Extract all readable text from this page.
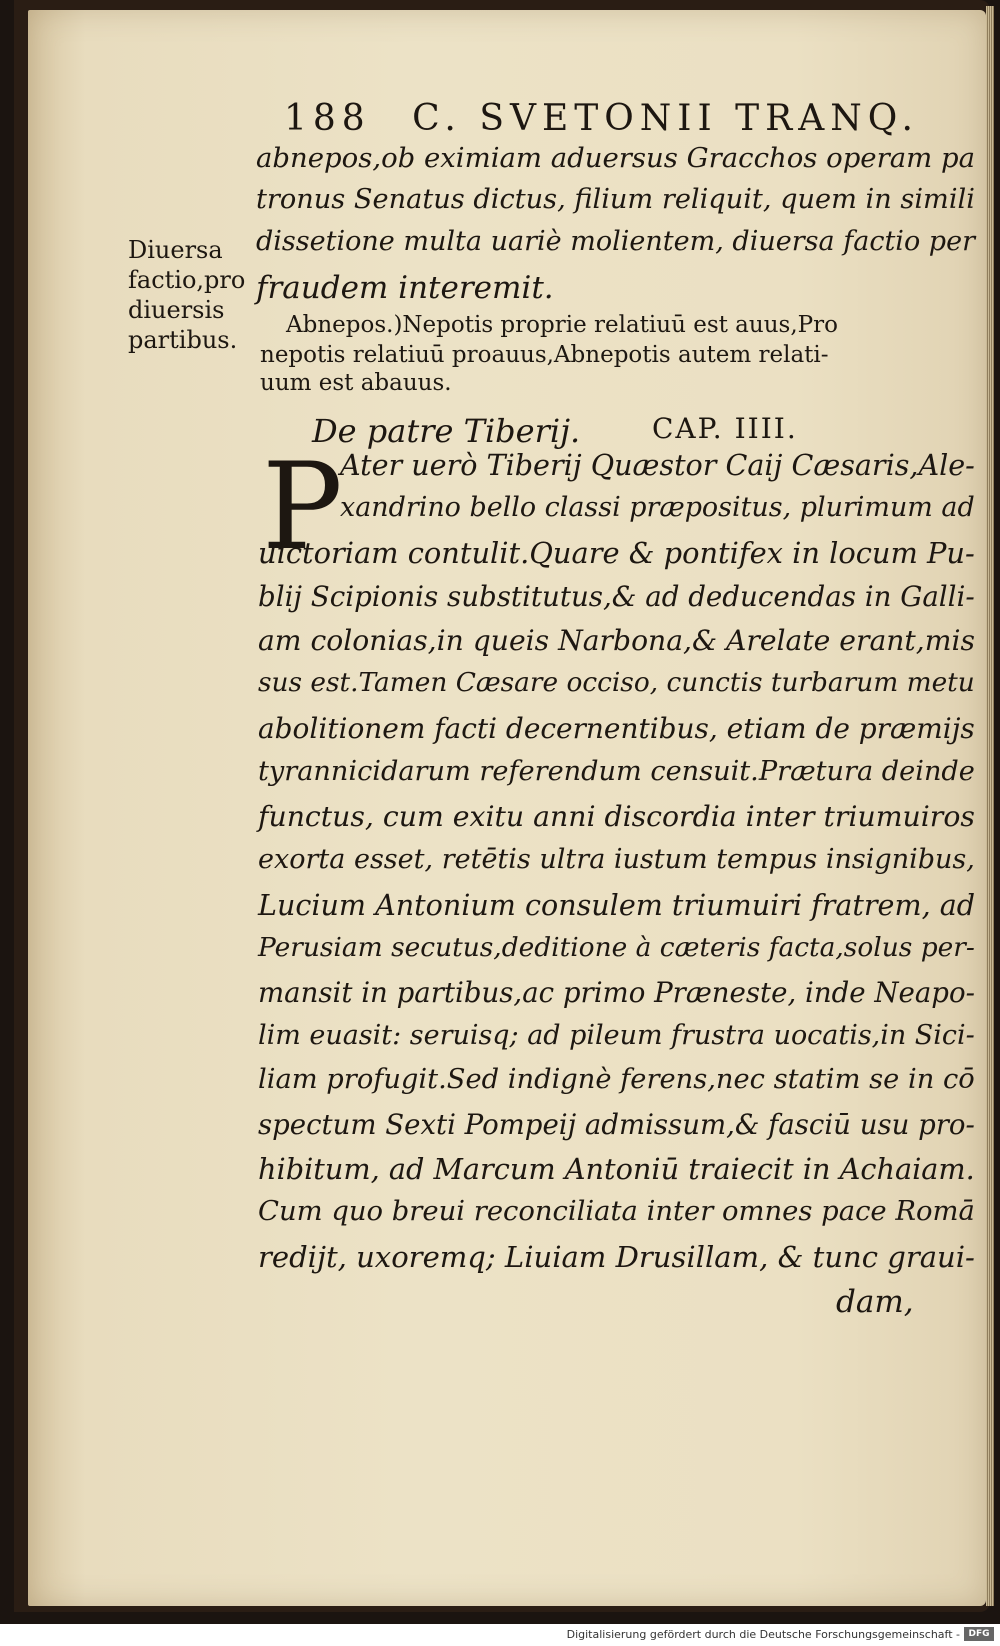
188 C. SVETONII TRANQ.
abnepos,ob eximiam aduersus Gracchos operam pa
tronus Senatus dictus, filium reliquit, quem in simili
dissetione multa uariè molientem, diuersa factio per
fraudem interemit.
Diuersa
factio,pro
diuersis
partibus.
Abnepos.)Nepotis proprie relatiuū est auus,Pro
nepotis relatiuū proauus,Abnepotis autem relati-
uum est abauus.
De patre Tiberij.	CAP. IIII.
P
Ater uerò Tiberij Quæstor Caij Cæsaris,Ale-
xandrino bello classi præpositus, plurimum ad
uictoriam contulit.Quare & pontifex in locum Pu-
blij Scipionis substitutus,& ad deducendas in Galli-
am colonias,in queis Narbona,& Arelate erant,mis
sus est.Tamen Cæsare occiso, cunctis turbarum metu
abolitionem facti decernentibus, etiam de præmijs
tyrannicidarum referendum censuit.Prætura deinde
functus, cum exitu anni discordia inter triumuiros
exorta esset, retētis ultra iustum tempus insignibus,
Lucium Antonium consulem triumuiri fratrem, ad
Perusiam secutus,deditione à cæteris facta,solus per-
mansit in partibus,ac primo Præneste, inde Neapo-
lim euasit: seruisq; ad pileum frustra uocatis,in Sici-
liam profugit.Sed indignè ferens,nec statim se in cō
spectum Sexti Pompeij admissum,& fasciū usu pro-
hibitum, ad Marcum Antoniū traiecit in Achaiam.
Cum quo breui reconciliata inter omnes pace Romā
redijt, uxoremq; Liuiam Drusillam, & tunc graui-
dam,
Digitalisierung gefördert durch die Deutsche Forschungsgemeinschaft - DFG
